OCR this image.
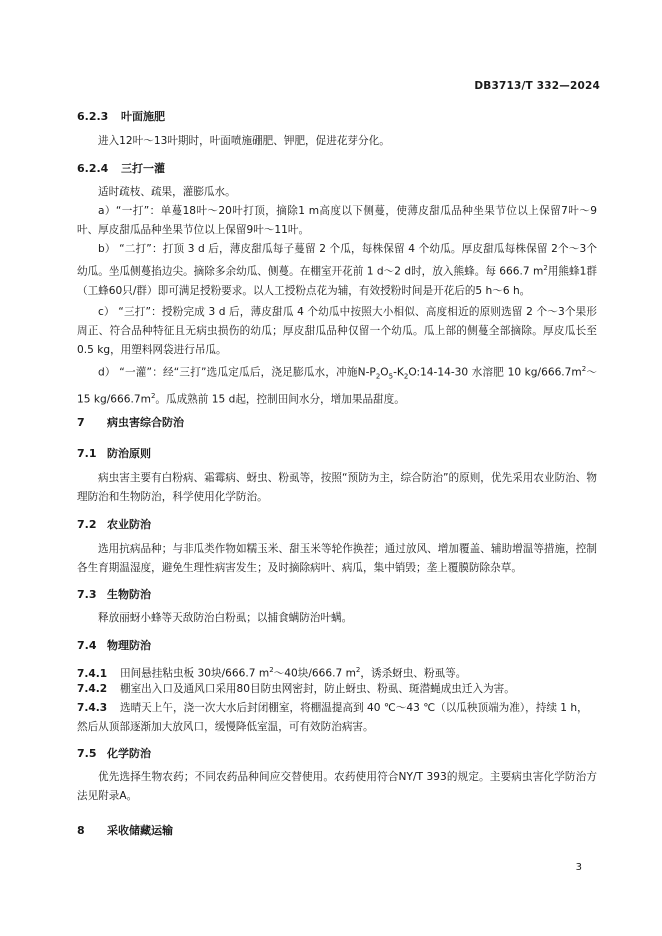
DB3713/T 332—2024
6.2.3 叶面施肥
进入12叶～13叶期时，叶面喷施硼肥、钾肥，促进花芽分化。
6.2.4 三打一灌
适时疏枝、疏果，灌膨瓜水。
a）“一打”：单蔓18叶～20叶打顶，摘除1 m高度以下侧蔓，使薄皮甜瓜品种坐果节位以上保留7叶～9叶、厚皮甜瓜品种坐果节位以上保留9叶～11叶。
b） “二打”：打顶 3 d 后，薄皮甜瓜每子蔓留 2 个瓜，每株保留 4 个幼瓜。厚皮甜瓜每株保留 2个～3个幼瓜。坐瓜侧蔓掐边尖。摘除多余幼瓜、侧蔓。在棚室开花前 1 d～2 d时，放入熊蜂。每 666.7 $m^2$用熊蜂1群（工蜂60只/群）即可满足授粉要求。以人工授粉点花为辅，有效授粉时间是开花后的5 h～6 h。
c） “三打”：授粉完成 3 d 后，薄皮甜瓜 4 个幼瓜中按照大小相似、高度相近的原则选留 2 个～3个果形周正、符合品种特征且无病虫损伤的幼瓜；厚皮甜瓜品种仅留一个幼瓜。瓜上部的侧蔓全部摘除。厚皮瓜长至 0.5 kg，用塑料网袋进行吊瓜。
d） “一灌”：经“三打”选瓜定瓜后，浇足膨瓜水，冲施$N-P_2O_5-K_2O:14-14-30$ 水溶肥 10 $kg/666.7m^2\sim 15$ $kg/666.7m^2$。瓜成熟前 15 d起，控制田间水分，增加果品甜度。
7 病虫害综合防治
7.1 防治原则
病虫害主要有白粉病、霜霉病、蚜虫、粉虱等，按照“预防为主，综合防治”的原则，优先采用农业防治、物理防治和生物防治，科学使用化学防治。
7.2 农业防治
选用抗病品种；与非瓜类作物如糯玉米、甜玉米等轮作换茬；通过放风、增加覆盖、辅助增温等措施，控制各生育期温湿度，避免生理性病害发生；及时摘除病叶、病瓜，集中销毁；垄上覆膜防除杂草。
7.3 生物防治
释放丽蚜小蜂等天敌防治白粉虱；以捕食螨防治叶螨。
7.4 物理防治
7.4.1 田间悬挂粘虫板 30块/666.7 $m^2\sim 40$块/666.7 $m^2$，诱杀蚜虫、粉虱等。
7.4.2 棚室出入口及通风口采用80目防虫网密封，防止蚜虫、粉虱、斑潜蝇成虫迁入为害。
7.4.3 选晴天上午，浇一次大水后封闭棚室，将棚温提高到 40 ℃～43 ℃（以瓜秧顶端为准），持续 1 h，然后从顶部逐渐加大放风口，缓慢降低室温，可有效防治病害。
7.5 化学防治
优先选择生物农药；不同农药品种间应交替使用。农药使用符合NY/T 393的规定。主要病虫害化学防治方法见附录A。
8 采收储藏运输
3
